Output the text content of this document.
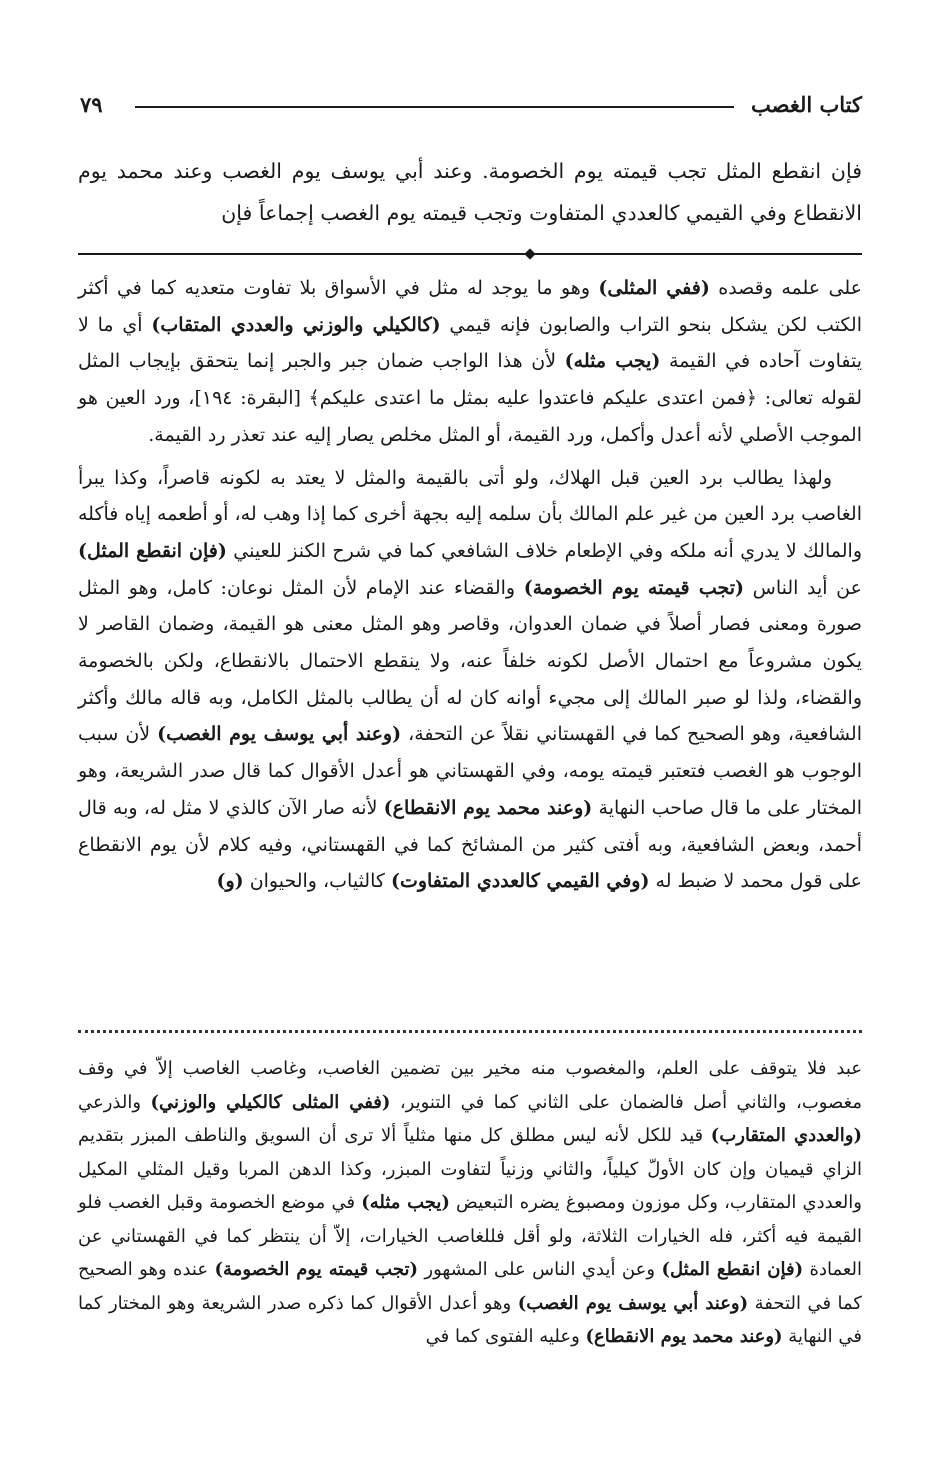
كتاب الغصب
٧٩
فإن انقطع المثل تجب قيمته يوم الخصومة. وعند أبي يوسف يوم الغصب وعند محمد يوم الانقطاع وفي القيمي كالعددي المتفاوت وتجب قيمته يوم الغصب إجماعاً فإن

على علمه وقصده (ففي المثلى) وهو ما يوجد له مثل في الأسواق بلا تفاوت متعديه كما في أكثر الكتب لكن يشكل بنحو التراب والصابون فإنه قيمي (كالكيلي والوزني والعددي المتقاب) أي ما لا يتفاوت آحاده في القيمة (يجب مثله) لأن هذا الواجب ضمان جبر والجبر إنما يتحقق بإيجاب المثل لقوله تعالى: ﴿فمن اعتدى عليكم فاعتدوا عليه بمثل ما اعتدى عليكم﴾ [البقرة: ١٩٤]، ورد العين هو الموجب الأصلي لأنه أعدل وأكمل، ورد القيمة، أو المثل مخلص يصار إليه عند تعذر رد القيمة.

ولهذا يطالب برد العين قبل الهلاك، ولو أتى بالقيمة والمثل لا يعتد به لكونه قاصراً، وكذا يبرأ الغاصب برد العين من غير علم المالك بأن سلمه إليه بجهة أخرى كما إذا وهب له، أو أطعمه إياه فأكله والمالك لا يدري أنه ملكه وفي الإطعام خلاف الشافعي كما في شرح الكنز للعيني (فإن انقطع المثل) عن أيد الناس (تجب قيمته يوم الخصومة) والقضاء عند الإمام لأن المثل نوعان: كامل، وهو المثل صورة ومعنى فصار أصلاً في ضمان العدوان، وقاصر وهو المثل معنى هو القيمة، وضمان القاصر لا يكون مشروعاً مع احتمال الأصل لكونه خلفاً عنه، ولا ينقطع الاحتمال بالانقطاع، ولكن بالخصومة والقضاء، ولذا لو صبر المالك إلى مجيء أوانه كان له أن يطالب بالمثل الكامل، وبه قاله مالك وأكثر الشافعية، وهو الصحيح كما في القهستاني نقلاً عن التحفة، (وعند أبي يوسف يوم الغصب) لأن سبب الوجوب هو الغصب فتعتبر قيمته يومه، وفي القهستاني هو أعدل الأقوال كما قال صدر الشريعة، وهو المختار على ما قال صاحب النهاية (وعند محمد يوم الانقطاع) لأنه صار الآن كالذي لا مثل له، وبه قال أحمد، وبعض الشافعية، وبه أفتى كثير من المشائخ كما في القهستاني، وفيه كلام لأن يوم الانقطاع على قول محمد لا ضبط له (وفي القيمي كالعددي المتفاوت) كالثياب، والحيوان (و)

عبد فلا يتوقف على العلم، والمغصوب منه مخير بين تضمين الغاصب، وغاصب الغاصب إلاّ في وقف مغصوب، والثاني أصل فالضمان على الثاني كما في التنوير، (ففي المثلى كالكيلي والوزني) والذرعي (والعددي المتقارب) قيد للكل لأنه ليس مطلق كل منها مثلياً ألا ترى أن السويق والناطف المبزر بتقديم الزاي قيميان وإن كان الأولّ كيلياً، والثاني وزنياً لتفاوت المبزر، وكذا الدهن المربا وقيل المثلي المكيل والعددي المتقارب، وكل موزون ومصبوغ يضره التبعيض (يجب مثله) في موضع الخصومة وقبل الغصب فلو القيمة فيه أكثر، فله الخيارات الثلاثة، ولو أقل فللغاصب الخيارات، إلاّ أن ينتظر كما في القهستاني عن العمادة (فإن انقطع المثل) وعن أيدي الناس على المشهور (تجب قيمته يوم الخصومة) عنده وهو الصحيح كما في التحفة (وعند أبي يوسف يوم الغصب) وهو أعدل الأقوال كما ذكره صدر الشريعة وهو المختار كما في النهاية (وعند محمد يوم الانقطاع) وعليه الفتوى كما في
